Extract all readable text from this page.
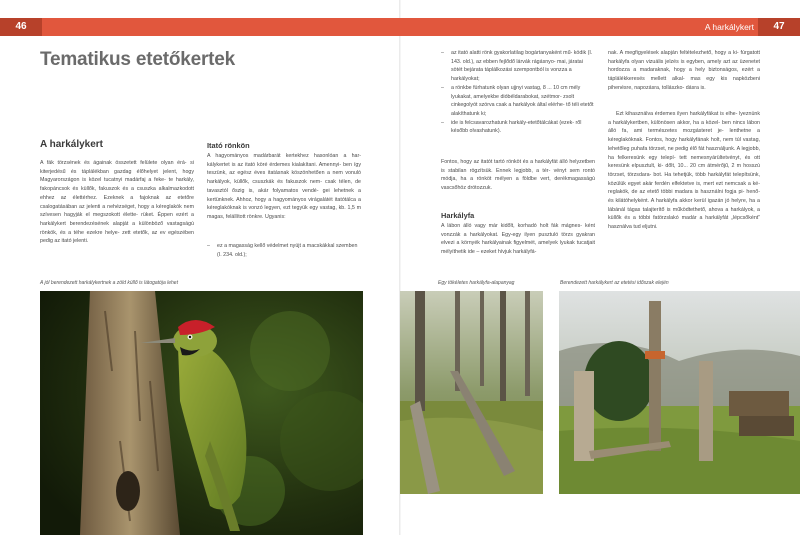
46	47
A harkálykert
Tematikus etetőkertek
A harkálykert
A fák törzsének és ágainak összetett felülete olyan érá- si kiterjedésű és táplálékban gazdag élőhelyet jelent, hogy Magyarországon is közel tucatnyi madárfaj a feke- te harkály, fakopáncsok és küllők, fakuszok és a csuszka alkalmazkodott ehhez az élettérhez. Ezeknek a fajoknak az etetőre csalogatásában az jelenti a nehézséget, hogy a kéreglakók nem szívesen hagyják el megszokott élette- rüket. Éppen ezért a harkálykert berendezésének alapját a különböző vastagságú rönkök, és a téhe ezekre helye- zett etetők, az ev egészében pedig az itató jelenti.
Itató rönkön
A hagyományos madárbarát kertekhez hasonlóan a har- kálykertet is az itató köré érdemes kialakítani. Amennyi- ben így teszünk, az egész éves itatásnak köszönhetően a nem vonuló harkályok, küllők, csuszkák és fakuszok nem- csak télen, de tavasztól őszig is, akár folyamatos vendé- gei lehetnek a kertünknek. Ahhoz, hogy a hagyományos virágalátét itatótálca a kéreglakóknak is vonzó legyen, ezt tegyük egy vastag, kb. 1,5 m magas, felállított rönkre. Ugyanis:
– ez a magasság kellő védelmet nyújt a macskákkal szemben (I. 234. old.);
– az itató alatti rönk gyakorlatilag bogártanyaként mű- ködik (I. 143. old.), az ebben fejlődő lárvák rágásnyo- mai, járatai sötét bejárata táplálkozási szempontból is vonzza a harkályokat;
– a rönkbe fúrhatunk olyan ujjnyi vastag, 8 ... 10 cm mély lyukakat, amelyekbe dióbéldarabokat, szétmor- zsolt cinkegolyót szórva csak a harkályok által elérhe- tő téli etetőt alakíthatunk ki;
– ide is felcsavarozhatunk harkály-etetőtálcákat (ezek- ről később olvashatunk).
Fontos, hogy az itatót tartó rönköt és a harkályfát álló helyzetben is stabilan rögzítsük. Ennek legjobb, a tér- vényt sem rontó módja, ha a rönköt mélyen a földbe vert, derékmagasságú vascsőhöz drótozzuk.
Harkályfa
A lábon álló vagy már kidőlt, korhadó holt fák mágnes- ként vonzzák a harkályokat. Egy-egy ilyen pusztuló törzs gyakran elvezi a környék harkályainak figyelmét, amelyek lyukak tucatjait mélyíthetik ide – ezeket hívjuk harkályfá-
nak. A megfigyelések alapján feltételezhető, hogy a ki- fúrgatott harkályfa olyan vizuális jelzés is egyben, amely azt az üzenetet hordozza a madaraknak, hogy a hely biztonságos, ezért a táplálékkeresés mellett alkal- mas egy kis napközbeni pihenésre, napozásra, tollászko- dásra is.
Ezt kihasználva érdemes ilyen harkályfákat is elhe- lyeznünk a harkálykertben, különösen akkor, ha a közel- ben nincs lábon álló fa, ami természetes mozgásteret je- lenthetne a kéreglakóknak. Fontos, hogy harkályfának holt, nem túl vastag, lehetőleg puhafa törzset, ne pedig élő fát használjunk. A legjobb, ha felkeresünk egy telepí- tett nemesnyárültetvényt, és ott keresünk elpusztult, ki- dőlt, 10... 20 cm átmérőjű, 2 m hosszú törzset, törzsdara- bot. Ha tehetjük, több harkályfát telepítsünk, közülük egyet akár ferdén elfektetve is, mert ezt nemcsak a ké- reglakók, de az etető többi madara is használni fogja pi- henő- és kilátóhelyként. A harkályfa akkor kerül igazán jó helyre, ha a lábánál tágas talajterítő is működtethető, ahova a harkályok, a küllők és a többi fatörzslakó madár a harkályfát „lépcsőként” használva tud eljutni.
A jól berendezett harkálykertnek a zöld küllő is látogatója lehet	Egy tökéletes harkályfa-alapanyag	Berendezett harkálykert az etetési időszak elején
